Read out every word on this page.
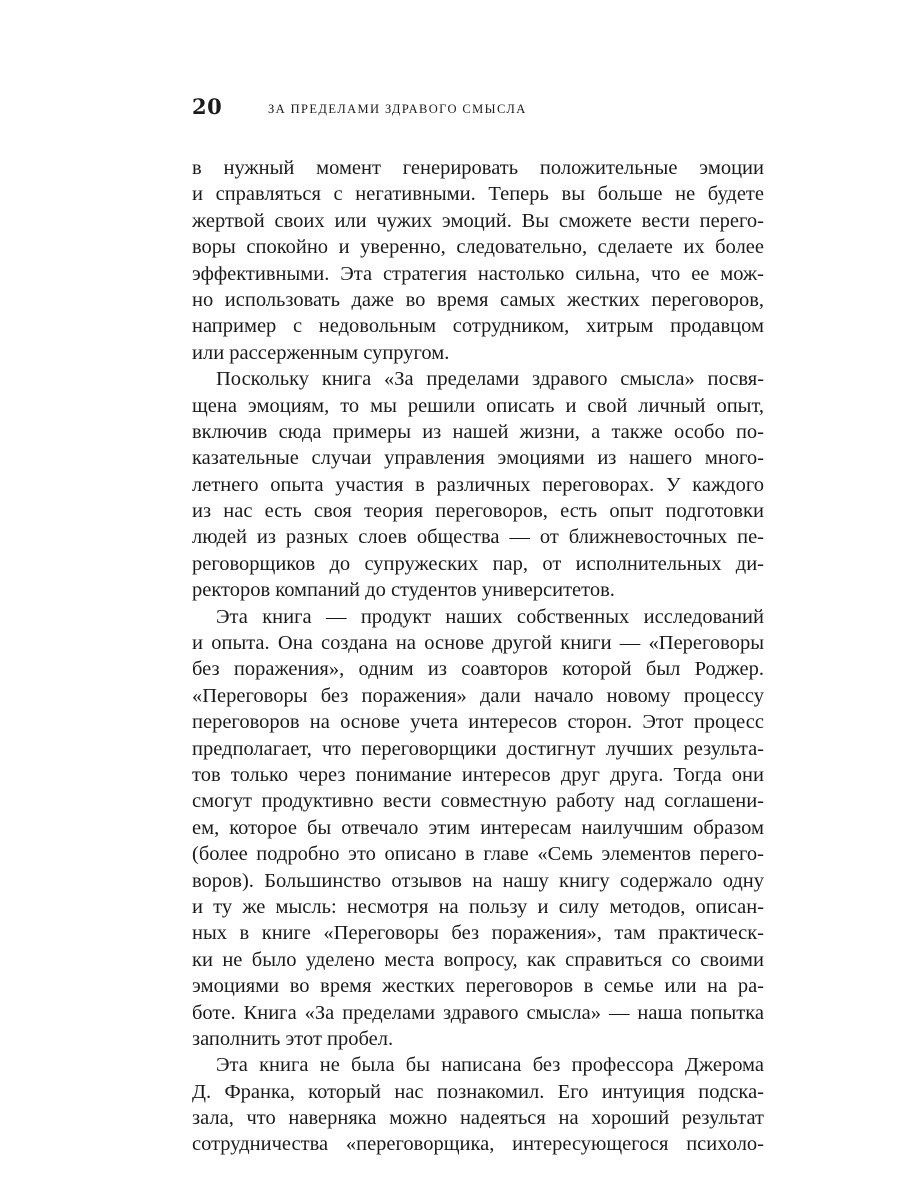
20	ЗА ПРЕДЕЛАМИ ЗДРАВОГО СМЫСЛА
в нужный момент генерировать положительные эмоции
и справляться с негативными. Теперь вы больше не будете
жертвой своих или чужих эмоций. Вы сможете вести перего-
воры спокойно и уверенно, следовательно, сделаете их более
эффективными. Эта стратегия настолько сильна, что ее мож-
но использовать даже во время самых жестких переговоров,
например с недовольным сотрудником, хитрым продавцом
или рассерженным супругом.
Поскольку книга «За пределами здравого смысла» посвя-
щена эмоциям, то мы решили описать и свой личный опыт,
включив сюда примеры из нашей жизни, а также особо по-
казательные случаи управления эмоциями из нашего много-
летнего опыта участия в различных переговорах. У каждого
из нас есть своя теория переговоров, есть опыт подготовки
людей из разных слоев общества — от ближневосточных пе-
реговорщиков до супружеских пар, от исполнительных ди-
ректоров компаний до студентов университетов.
Эта книга — продукт наших собственных исследований
и опыта. Она создана на основе другой книги — «Переговоры
без поражения», одним из соавторов которой был Роджер.
«Переговоры без поражения» дали начало новому процессу
переговоров на основе учета интересов сторон. Этот процесс
предполагает, что переговорщики достигнут лучших результа-
тов только через понимание интересов друг друга. Тогда они
смогут продуктивно вести совместную работу над соглашени-
ем, которое бы отвечало этим интересам наилучшим образом
(более подробно это описано в главе «Семь элементов перего-
воров). Большинство отзывов на нашу книгу содержало одну
и ту же мысль: несмотря на пользу и силу методов, описан-
ных в книге «Переговоры без поражения», там практическ-
ки не было уделено места вопросу, как справиться со своими
эмоциями во время жестких переговоров в семье или на ра-
боте. Книга «За пределами здравого смысла» — наша попытка
заполнить этот пробел.
Эта книга не была бы написана без профессора Джерома
Д. Франка, который нас познакомил. Его интуиция подска-
зала, что наверняка можно надеяться на хороший результат
сотрудничества «переговорщика, интересующегося психоло-
